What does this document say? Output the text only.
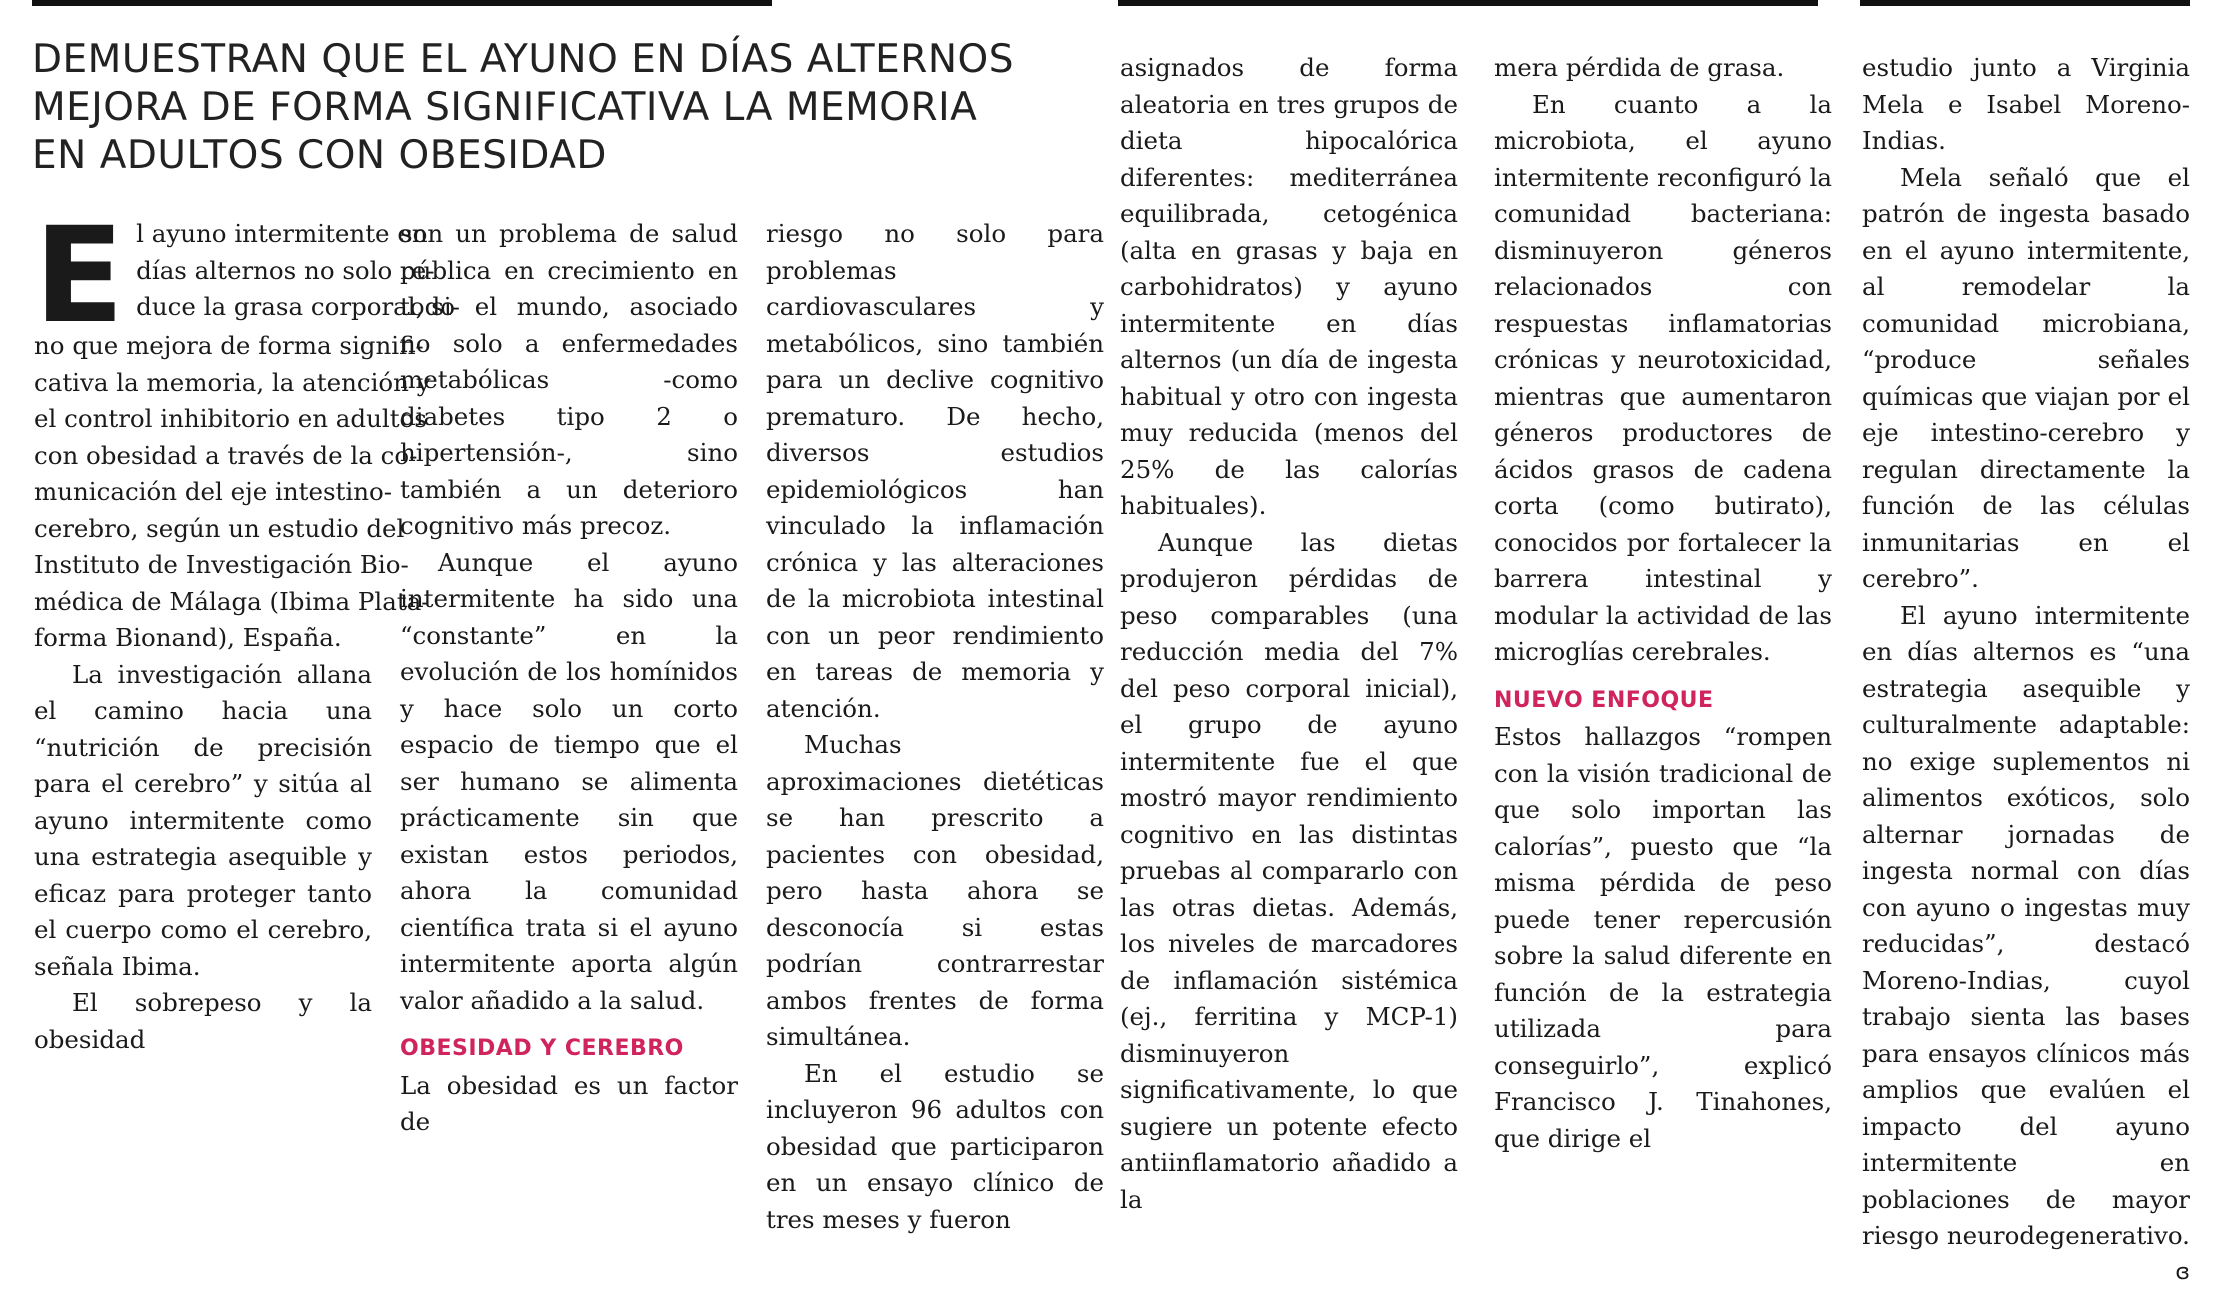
DEMUESTRAN QUE EL AYUNO EN DÍAS ALTERNOS
MEJORA DE FORMA SIGNIFICATIVA LA MEMORIA
EN ADULTOS CON OBESIDAD
E l ayuno intermitente en
días alternos no solo re-
duce la grasa corporal, si-
no que mejora de forma signifi-
cativa la memoria, la atención y
el control inhibitorio en adultos
con obesidad a través de la co-
municación del eje intestino-
cerebro, según un estudio del
Instituto de Investigación Bio-
médica de Málaga (Ibima Plata-
forma Bionand), España.

La investigación allana el camino hacia una “nutrición de precisión para el cerebro” y sitúa al ayuno intermitente como una estrategia asequible y eficaz para proteger tanto el cuerpo como el cerebro, señala Ibima.

El sobrepeso y la obesidad

son un problema de salud pública en crecimiento en todo el mundo, asociado no solo a enfermedades metabólicas -como diabetes tipo 2 o hipertensión-, sino también a un deterioro cognitivo más precoz.

Aunque el ayuno intermitente ha sido una “constante” en la evolución de los homínidos y hace solo un corto espacio de tiempo que el ser humano se alimenta prácticamente sin que existan estos periodos, ahora la comunidad científica trata si el ayuno intermitente aporta algún valor añadido a la salud.

OBESIDAD Y CEREBRO

La obesidad es un factor de

riesgo no solo para problemas cardiovasculares y metabólicos, sino también para un declive cognitivo prematuro. De hecho, diversos estudios epidemiológicos han vinculado la inflamación crónica y las alteraciones de la microbiota intestinal con un peor rendimiento en tareas de memoria y atención.

Muchas aproximaciones dietéticas se han prescrito a pacientes con obesidad, pero hasta ahora se desconocía si estas podrían contrarrestar ambos frentes de forma simultánea.

En el estudio se incluyeron 96 adultos con obesidad que participaron en un ensayo clínico de tres meses y fueron

asignados de forma aleatoria en tres grupos de dieta hipocalórica diferentes: mediterránea equilibrada, cetogénica (alta en grasas y baja en carbohidratos) y ayuno intermitente en días alternos (un día de ingesta habitual y otro con ingesta muy reducida (menos del 25% de las calorías habituales).

Aunque las dietas produjeron pérdidas de peso comparables (una reducción media del 7% del peso corporal inicial), el grupo de ayuno intermitente fue el que mostró mayor rendimiento cognitivo en las distintas pruebas al compararlo con las otras dietas. Además, los niveles de marcadores de inflamación sistémica (ej., ferritina y MCP-1) disminuyeron significativamente, lo que sugiere un potente efecto antiinflamatorio añadido a la

mera pérdida de grasa.

En cuanto a la microbiota, el ayuno intermitente reconfiguró la comunidad bacteriana: disminuyeron géneros relacionados con respuestas inflamatorias crónicas y neurotoxicidad, mientras que aumentaron géneros productores de ácidos grasos de cadena corta (como butirato), conocidos por fortalecer la barrera intestinal y modular la actividad de las microglías cerebrales.

NUEVO ENFOQUE

Estos hallazgos “rompen con la visión tradicional de que solo importan las calorías”, puesto que “la misma pérdida de peso puede tener repercusión sobre la salud diferente en función de la estrategia utilizada para conseguirlo”, explicó Francisco J. Tinahones, que dirige el

estudio junto a Virginia Mela e Isabel Moreno-Indias.

Mela señaló que el patrón de ingesta basado en el ayuno intermitente, al remodelar la comunidad microbiana, “produce señales químicas que viajan por el eje intestino-cerebro y regulan directamente la función de las células inmunitarias en el cerebro”.

El ayuno intermitente en días alternos es “una estrategia asequible y culturalmente adaptable: no exige suplementos ni alimentos exóticos, solo alternar jornadas de ingesta normal con días con ayuno o ingestas muy reducidas”, destacó Moreno-Indias, cuyol trabajo sienta las bases para ensayos clínicos más amplios que evalúen el impacto del ayuno intermitente en poblaciones de mayor riesgo neurodegenerativo.
ɞ
